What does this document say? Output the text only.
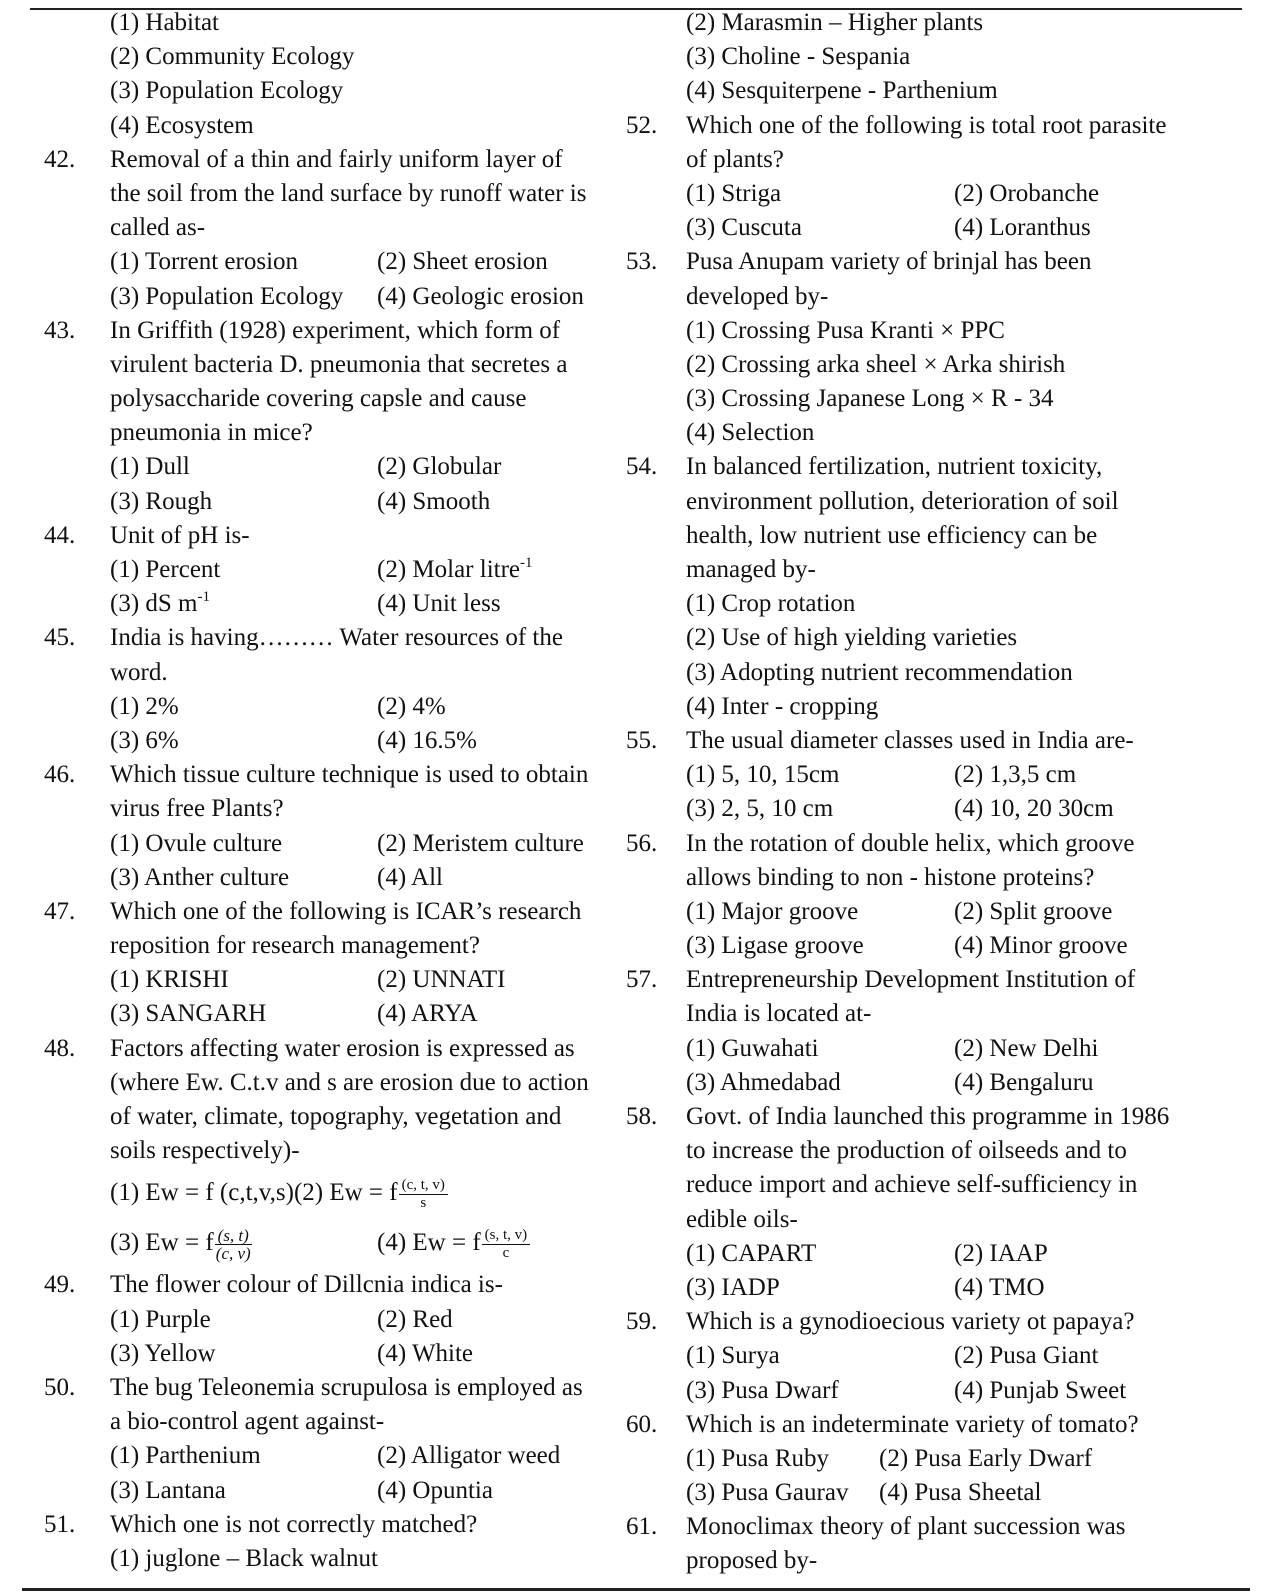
(1) Habitat
(2) Community Ecology
(3) Population Ecology
(4) Ecosystem
42.	Removal of a thin and fairly uniform layer of
the soil from the land surface by runoff water is
called as-
(1) Torrent erosion	(2) Sheet erosion
(3) Population Ecology (4) Geologic erosion
43.	In Griffith (1928) experiment, which form of
virulent bacteria D. pneumonia that secretes a
polysaccharide covering capsle and cause
pneumonia in mice?
(1) Dull	(2) Globular
(3) Rough	(4) Smooth
44.	Unit of pH is-
(1) Percent	(2) Molar litre$^{-1}$
(3) dS $m^{-1}$	(4) Unit less
45.	India is having……… Water resources of the
word.
(1) 2%	(2) 4%
(3) 6%	(4) 16.5%
46.	Which tissue culture technique is used to obtain
virus free Plants?
(1) Ovule culture	(2) Meristem culture
(3) Anther culture	(4) All
47.	Which one of the following is ICAR’s research
reposition for research management?
(1) KRISHI	(2) UNNATI
(3) SANGARH	(4) ARYA
48.	Factors affecting water erosion is expressed as
(where Ew. C.t.v and s are erosion due to action
of water, climate, topography, vegetation and
soils respectively)-
(1) Ew = f (c,t,v,s)(2) Ew = f $\frac{(c, t, v)}{s}$
(3) Ew = f $\frac{(s, t)}{(c, v)}$	(4) Ew = f $\frac{(s, t, v)}{c}$
49.	The flower colour of Dillcnia indica is-
(1) Purple	(2) Red
(3) Yellow	(4) White
50.	The bug Teleonemia scrupulosa is employed as
a bio-control agent against-
(1) Parthenium	(2) Alligator weed
(3) Lantana	(4) Opuntia
51.	Which one is not correctly matched?
(1) juglone – Black walnut
(2) Marasmin – Higher plants
(3) Choline - Sespania
(4) Sesquiterpene - Parthenium
52.	Which one of the following is total root parasite
of plants?
(1) Striga	(2) Orobanche
(3) Cuscuta	(4) Loranthus
53.	Pusa Anupam variety of brinjal has been
developed by-
(1) Crossing Pusa Kranti × PPC
(2) Crossing arka sheel × Arka shirish
(3) Crossing Japanese Long × R - 34
(4) Selection
54.	In balanced fertilization, nutrient toxicity,
environment pollution, deterioration of soil
health, low nutrient use efficiency can be
managed by-
(1) Crop rotation
(2) Use of high yielding varieties
(3) Adopting nutrient recommendation
(4) Inter - cropping
55.	The usual diameter classes used in India are-
(1) 5, 10, 15cm	(2) 1,3,5 cm
(3) 2, 5, 10 cm	(4) 10, 20 30cm
56.	In the rotation of double helix, which groove
allows binding to non - histone proteins?
(1) Major groove	(2) Split groove
(3) Ligase groove	(4) Minor groove
57.	Entrepreneurship Development Institution of
India is located at-
(1) Guwahati	(2) New Delhi
(3) Ahmedabad	(4) Bengaluru
58.	Govt. of India launched this programme in 1986
to increase the production of oilseeds and to
reduce import and achieve self-sufficiency in
edible oils-
(1) CAPART	(2) IAAP
(3) IADP	(4) TMO
59.	Which is a gynodioecious variety ot papaya?
(1) Surya	(2) Pusa Giant
(3) Pusa Dwarf	(4) Punjab Sweet
60.	Which is an indeterminate variety of tomato?
(1) Pusa Ruby (2) Pusa Early Dwarf
(3) Pusa Gaurav (4) Pusa Sheetal
61.	Monoclimax theory of plant succession was
proposed by-
